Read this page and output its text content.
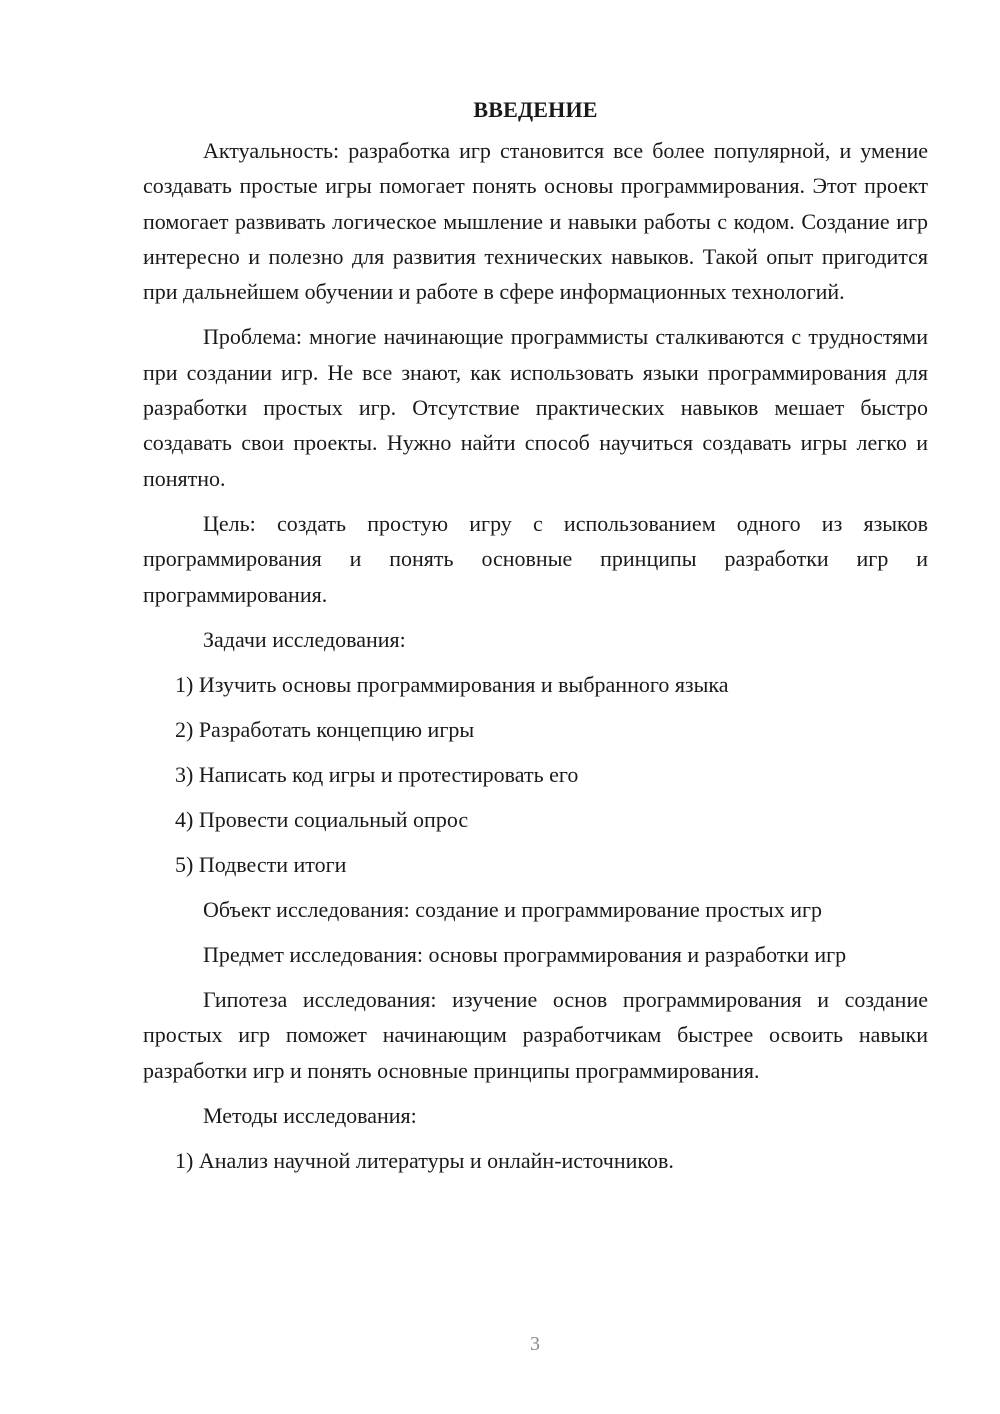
ВВЕДЕНИЕ

Актуальность: разработка игр становится все более популярной, и умение создавать простые игры помогает понять основы программирования. Этот проект помогает развивать логическое мышление и навыки работы с кодом. Создание игр интересно и полезно для развития технических навыков. Такой опыт пригодится при дальнейшем обучении и работе в сфере информационных технологий.

Проблема: многие начинающие программисты сталкиваются с трудностями при создании игр. Не все знают, как использовать языки программирования для разработки простых игр. Отсутствие практических навыков мешает быстро создавать свои проекты. Нужно найти способ научиться создавать игры легко и понятно.

Цель: создать простую игру с использованием одного из языков программирования и понять основные принципы разработки игр и программирования.

Задачи исследования:
1) Изучить основы программирования и выбранного языка
2) Разработать концепцию игры
3) Написать код игры и протестировать его
4) Провести социальный опрос
5) Подвести итоги
Объект исследования: создание и программирование простых игр

Предмет исследования: основы программирования и разработки игр

Гипотеза исследования: изучение основ программирования и создание простых игр поможет начинающим разработчикам быстрее освоить навыки разработки игр и понять основные принципы программирования.

Методы исследования:
1) Анализ научной литературы и онлайн-источников.
3
